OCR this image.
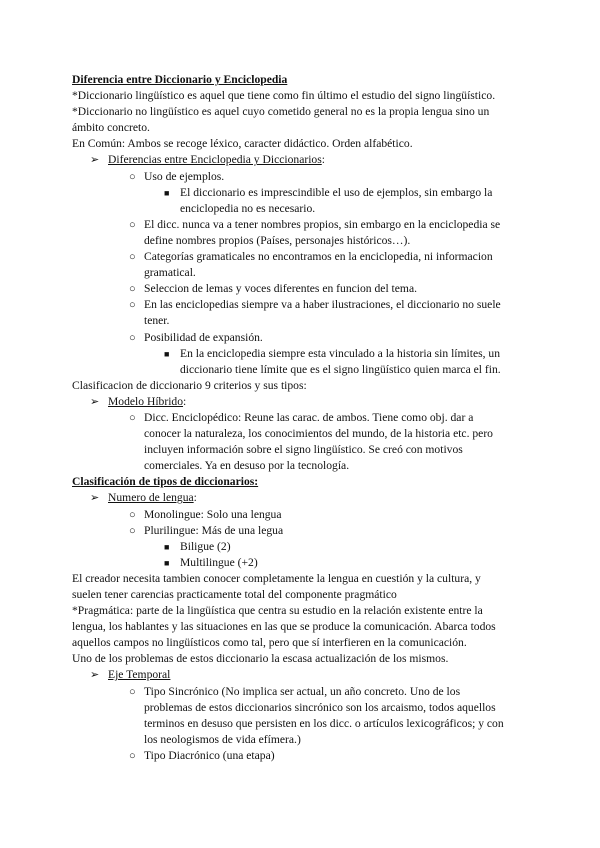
Diferencia entre Diccionario y Enciclopedia
*Diccionario lingüístico es aquel que tiene como fin último el estudio del signo lingüístico.
*Diccionario no lingüístico es aquel cuyo cometido general no es la propia lengua sino un
ámbito concreto.
En Común: Ambos se recoge léxico, caracter didáctico. Orden alfabético.
➢ Diferencias entre Enciclopedia y Diccionarios:
○ Uso de ejemplos.
■ El diccionario es imprescindible el uso de ejemplos, sin embargo la
enciclopedia no es necesario.
○ El dicc. nunca va a tener nombres propios, sin embargo en la enciclopedia se
define nombres propios (Países, personajes históricos…).
○ Categorías gramaticales no encontramos en la enciclopedia, ni informacion
gramatical.
○ Seleccion de lemas y voces diferentes en funcion del tema.
○ En las enciclopedias siempre va a haber ilustraciones, el diccionario no suele
tener.
○ Posibilidad de expansión.
■ En la enciclopedia siempre esta vinculado a la historia sin límites, un
diccionario tiene límite que es el signo lingüístico quien marca el fin.
Clasificacion de diccionario 9 criterios y sus tipos:
➢ Modelo Híbrido:
○ Dicc. Enciclopédico: Reune las carac. de ambos. Tiene como obj. dar a
conocer la naturaleza, los conocimientos del mundo, de la historia etc. pero
incluyen información sobre el signo lingüístico. Se creó con motivos
comerciales. Ya en desuso por la tecnología.
Clasificación de tipos de diccionarios:
➢ Numero de lengua:
○ Monolingue: Solo una lengua
○ Plurilingue: Más de una legua
■ Biligue (2)
■ Multilingue (+2)
El creador necesita tambien conocer completamente la lengua en cuestión y la cultura, y
suelen tener carencias practicamente total del componente pragmático
*Pragmática: parte de la lingüística que centra su estudio en la relación existente entre la
lengua, los hablantes y las situaciones en las que se produce la comunicación. Abarca todos
aquellos campos no lingüísticos como tal, pero que sí interfieren en la comunicación.
Uno de los problemas de estos diccionario la escasa actualización de los mismos.
➢ Eje Temporal
○ Tipo Sincrónico (No implica ser actual, un año concreto. Uno de los
problemas de estos diccionarios sincrónico son los arcaismo, todos aquellos
terminos en desuso que persisten en los dicc. o artículos lexicográficos; y con
los neologismos de vida efímera.)
○ Tipo Diacrónico (una etapa)
